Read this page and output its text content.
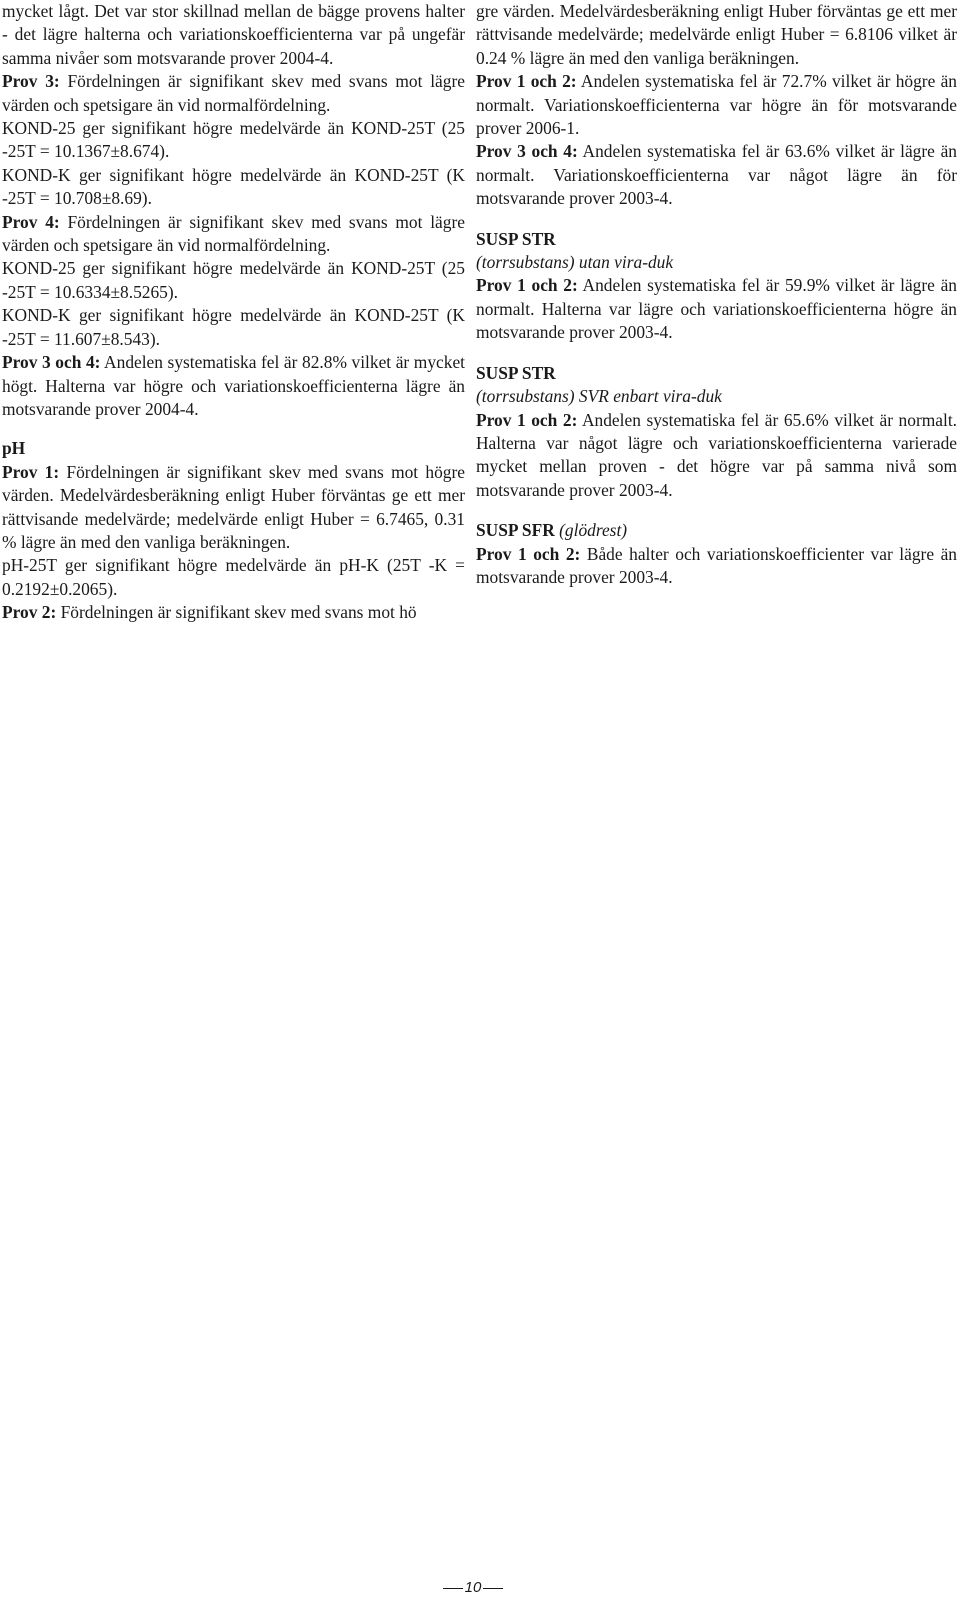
mycket lågt. Det var stor skillnad mellan de bägge provens halter - det lägre halterna och variationskoefficienterna var på ungefär samma nivåer som motsvarande prover 2004-4.

Prov 3: Fördelningen är signifikant skev med svans mot lägre värden och spetsigare än vid normalfördelning.

KOND-25 ger signifikant högre medelvärde än KOND-25T (25 -25T = 10.1367±8.674).

KOND-K ger signifikant högre medelvärde än KOND-25T (K -25T = 10.708±8.69).

Prov 4: Fördelningen är signifikant skev med svans mot lägre värden och spetsigare än vid normalfördelning.

KOND-25 ger signifikant högre medelvärde än KOND-25T (25 -25T = 10.6334±8.5265).

KOND-K ger signifikant högre medelvärde än KOND-25T (K -25T = 11.607±8.543).

Prov 3 och 4: Andelen systematiska fel är 82.8% vilket är mycket högt. Halterna var högre och variationskoefficienterna lägre än motsvarande prover 2004-4.

pH

Prov 1: Fördelningen är signifikant skev med svans mot högre värden. Medelvärdesberäkning enligt Huber förväntas ge ett mer rättvisande medelvärde; medelvärde enligt Huber = 6.7465, 0.31 % lägre än med den vanliga beräkningen.

pH-25T ger signifikant högre medelvärde än pH-K (25T -K = 0.2192±0.2065).

Prov 2: Fördelningen är signifikant skev med svans mot hö

gre värden. Medelvärdesberäkning enligt Huber förväntas ge ett mer rättvisande medelvärde; medelvärde enligt Huber = 6.8106 vilket är 0.24 % lägre än med den vanliga beräkningen.

Prov 1 och 2: Andelen systematiska fel är 72.7% vilket är högre än normalt. Variationskoefficienterna var högre än för motsvarande prover 2006-1.

Prov 3 och 4: Andelen systematiska fel är 63.6% vilket är lägre än normalt. Variationskoefficienterna var något lägre än för motsvarande prover 2003-4.

SUSP STR

(torrsubstans) utan vira-duk

Prov 1 och 2: Andelen systematiska fel är 59.9% vilket är lägre än normalt. Halterna var lägre och variationskoefficienterna högre än motsvarande prover 2003-4.

SUSP STR

(torrsubstans) SVR enbart vira-duk

Prov 1 och 2: Andelen systematiska fel är 65.6% vilket är normalt. Halterna var något lägre och variationskoefficienterna varierade mycket mellan proven - det högre var på samma nivå som motsvarande prover 2003-4.

SUSP SFR (glödrest)

Prov 1 och 2: Både halter och variationskoefficienter var lägre än motsvarande prover 2003-4.

10
